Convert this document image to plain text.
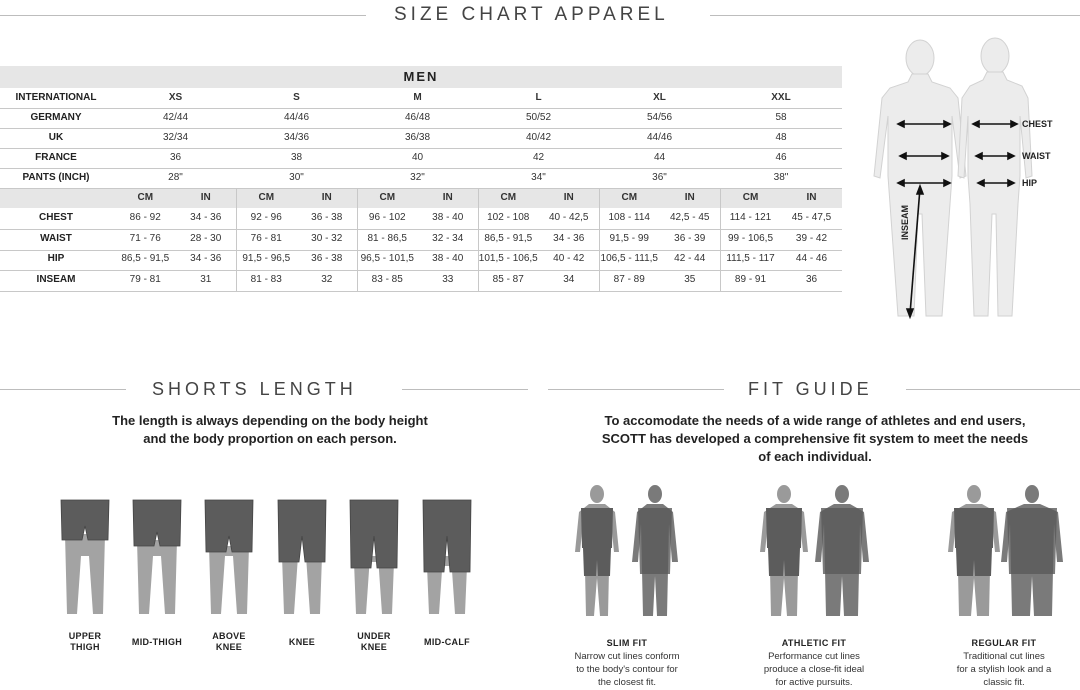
SIZE CHART APPAREL
MEN
INTERNATIONAL	XS	S	M	L	XL	XXL
GERMANY	42/44	44/46	46/48	50/52	54/56	58
UK	32/34	34/36	36/38	40/42	44/46	48
FRANCE	36	38	40	42	44	46
PANTS (INCH)	28"	30"	32"	34"	36"	38"
CM	IN	CM	IN	CM	IN	CM	IN	CM	IN	CM	IN
CHEST	86 - 92	34 - 36	92 - 96	36 - 38	96 - 102	38 - 40	102 - 108	40 - 42,5	108 - 114	42,5 - 45	114 - 121	45 - 47,5
WAIST	71 - 76	28 - 30	76 - 81	30 - 32	81 - 86,5	32 - 34	86,5 - 91,5	34 - 36	91,5 - 99	36 - 39	99 - 106,5	39 - 42
HIP	86,5 - 91,5	34 - 36	91,5 - 96,5	36 - 38	96,5 - 101,5	38 - 40	101,5 - 106,5	40 - 42	106,5 - 111,5	42 - 44	111,5 - 117	44 - 46
INSEAM	79 - 81	31	81 - 83	32	83 - 85	33	85 - 87	34	87 - 89	35	89 - 91	36
CHEST
WAIST
HIP
INSEAM
SHORTS LENGTH
The length is always depending on the body height
and the body proportion on each person.
UPPER
THIGH	MID-THIGH
ABOVE
KNEE	KNEE
UNDER
KNEE	MID-CALF
FIT GUIDE
To accomodate the needs of a wide range of athletes and end users,
SCOTT has developed a comprehensive fit system to meet the needs
of each individual.
SLIM FIT
Narrow cut lines conform
to the body's contour for
the closest fit.
ATHLETIC FIT
Performance cut lines
produce a close-fit ideal
for active pursuits.
REGULAR FIT
Traditional cut lines
for a stylish look and a
classic fit.
